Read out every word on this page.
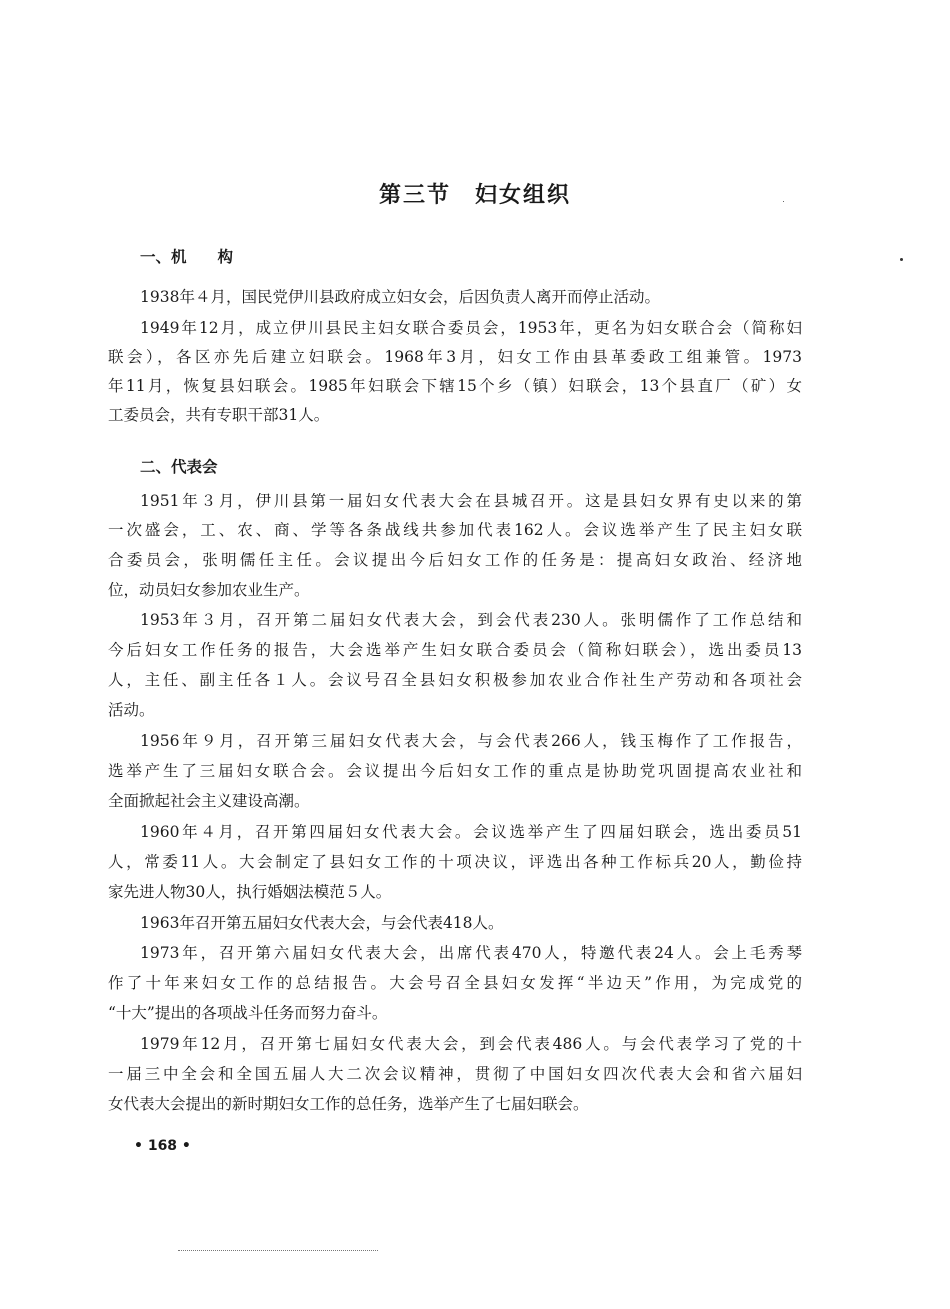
第三节　妇女组织
一、机　　构
1938年４月，国民党伊川县政府成立妇女会，后因负责人离开而停止活动。
1949年12月，成立伊川县民主妇女联合委员会，1953年，更名为妇女联合会（简称妇
联会），各区亦先后建立妇联会。1968年3月，妇女工作由县革委政工组兼管。1973
年11月，恢复县妇联会。1985年妇联会下辖15个乡（镇）妇联会，13个县直厂（矿）女
工委员会，共有专职干部31人。
二、代表会
1951年３月，伊川县第一届妇女代表大会在县城召开。这是县妇女界有史以来的第
一次盛会，工、农、商、学等各条战线共参加代表162人。会议选举产生了民主妇女联
合委员会，张明儒任主任。会议提出今后妇女工作的任务是：提高妇女政治、经济地
位，动员妇女参加农业生产。
1953年３月，召开第二届妇女代表大会，到会代表230人。张明儒作了工作总结和
今后妇女工作任务的报告，大会选举产生妇女联合委员会（简称妇联会），选出委员13
人，主任、副主任各１人。会议号召全县妇女积极参加农业合作社生产劳动和各项社会
活动。
1956年９月，召开第三届妇女代表大会，与会代表266人，钱玉梅作了工作报告，
选举产生了三届妇女联合会。会议提出今后妇女工作的重点是协助党巩固提高农业社和
全面掀起社会主义建设高潮。
1960年４月，召开第四届妇女代表大会。会议选举产生了四届妇联会，选出委员51
人，常委11人。大会制定了县妇女工作的十项决议，评选出各种工作标兵20人，勤俭持
家先进人物30人，执行婚姻法模范５人。
1963年召开第五届妇女代表大会，与会代表418人。
1973年，召开第六届妇女代表大会，出席代表470人，特邀代表24人。会上毛秀琴
作了十年来妇女工作的总结报告。大会号召全县妇女发挥“半边天”作用，为完成党的
“十大”提出的各项战斗任务而努力奋斗。
1979年12月，召开第七届妇女代表大会，到会代表486人。与会代表学习了党的十
一届三中全会和全国五届人大二次会议精神，贯彻了中国妇女四次代表大会和省六届妇
女代表大会提出的新时期妇女工作的总任务，选举产生了七届妇联会。
• 168 •
